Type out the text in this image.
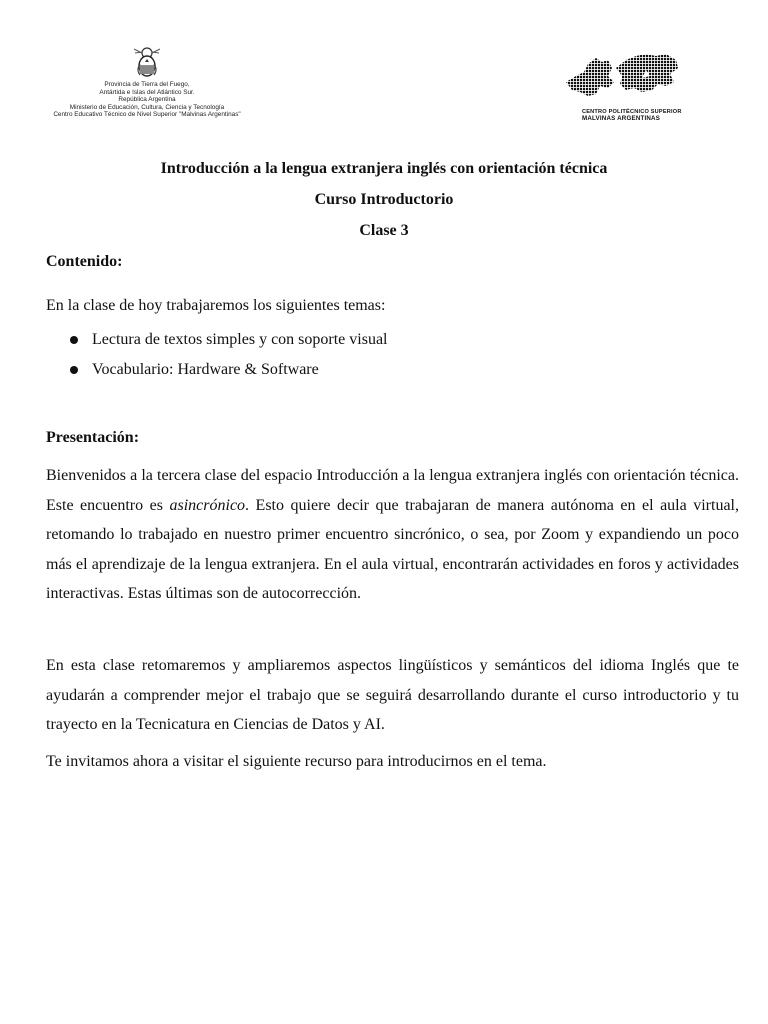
Provincia de Tierra del Fuego,
Antártida e Islas del Atlántico Sur.
República Argentina
Ministerio de Educación, Cultura, Ciencia y Tecnología
Centro Educativo Técnico de Nivel Superior "Malvinas Argentinas"	CENTRO POLITÉCNICO SUPERIOR
MALVINAS ARGENTINAS
Introducción a la lengua extranjera inglés con orientación técnica
Curso Introductorio
Clase 3
Contenido:
En la clase de hoy trabajaremos los siguientes temas:
Lectura de textos simples y con soporte visual
Vocabulario: Hardware & Software
Presentación:
Bienvenidos a la tercera clase del espacio Introducción a la lengua extranjera inglés con orientación técnica. Este encuentro es asincrónico. Esto quiere decir que trabajaran de manera autónoma en el aula virtual, retomando lo trabajado en nuestro primer encuentro sincrónico, o sea, por Zoom y expandiendo un poco más el aprendizaje de la lengua extranjera. En el aula virtual, encontrarán actividades en foros y actividades interactivas. Estas últimas son de autocorrección.
En esta clase retomaremos y ampliaremos aspectos lingüísticos y semánticos del idioma Inglés que te ayudarán a comprender mejor el trabajo que se seguirá desarrollando durante el curso introductorio y tu trayecto en la Tecnicatura en Ciencias de Datos y AI.
Te invitamos ahora a visitar el siguiente recurso para introducirnos en el tema.
